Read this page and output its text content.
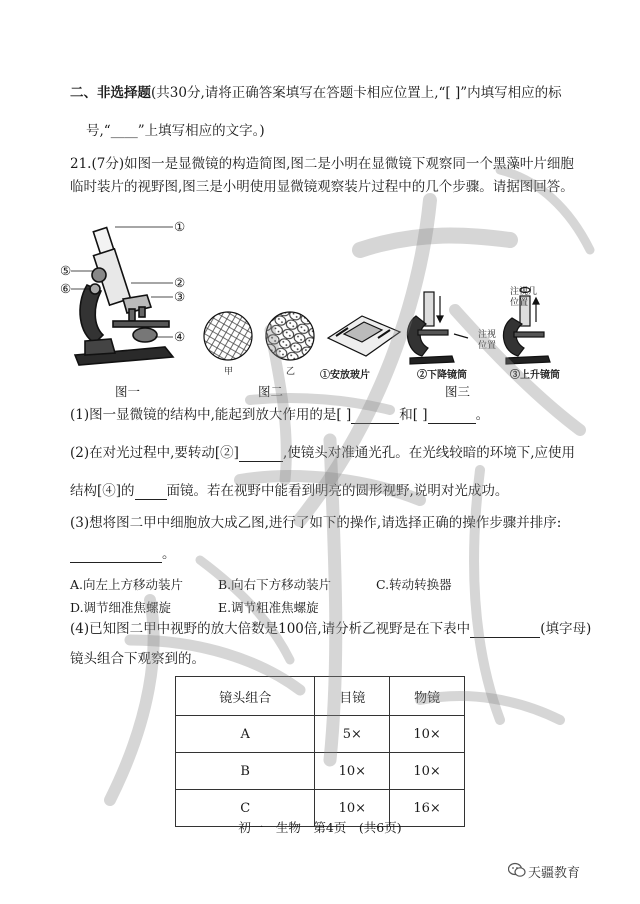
二、非选择题(共30分,请将正确答案填写在答题卡相应位置上,“[ ]”内填写相应的标
号,“____”上填写相应的文字。)
21.(7分)如图一是显微镜的构造简图,图二是小明在显微镜下观察同一个黑藻叶片细胞
临时装片的视野图,图三是小明使用显微镜观察装片过程中的几个步骤。请据图回答。
①
②
③
④
⑤
⑥
图一
甲	乙
图二
注视
位置
注视几
位置
①安放玻片	②下降镜筒	③上升镜筒
图三
(1)图一显微镜的结构中,能起到放大作用的是[ ]	和[ ]	。
(2)在对光过程中,要转动[②]	,使镜头对准通光孔。在光线较暗的环境下,应使用
结构[④]的 面镜。若在视野中能看到明亮的圆形视野,说明对光成功。
(3)想将图二甲中细胞放大成乙图,进行了如下的操作,请选择正确的操作步骤并排序:
。
A.向左上方移动装片	B.向右下方移动装片	C.转动转换器
D.调节细准焦螺旋	E.调节粗准焦螺旋
(4)已知图二甲中视野的放大倍数是100倍,请分析乙视野是在下表中	(填字母)
镜头组合下观察到的。
镜头组合	目镜	物镜
A	5×	10×
B	10×	10×
C	10×	16×
初一　生物　第4页　(共6页)
天疆教育
